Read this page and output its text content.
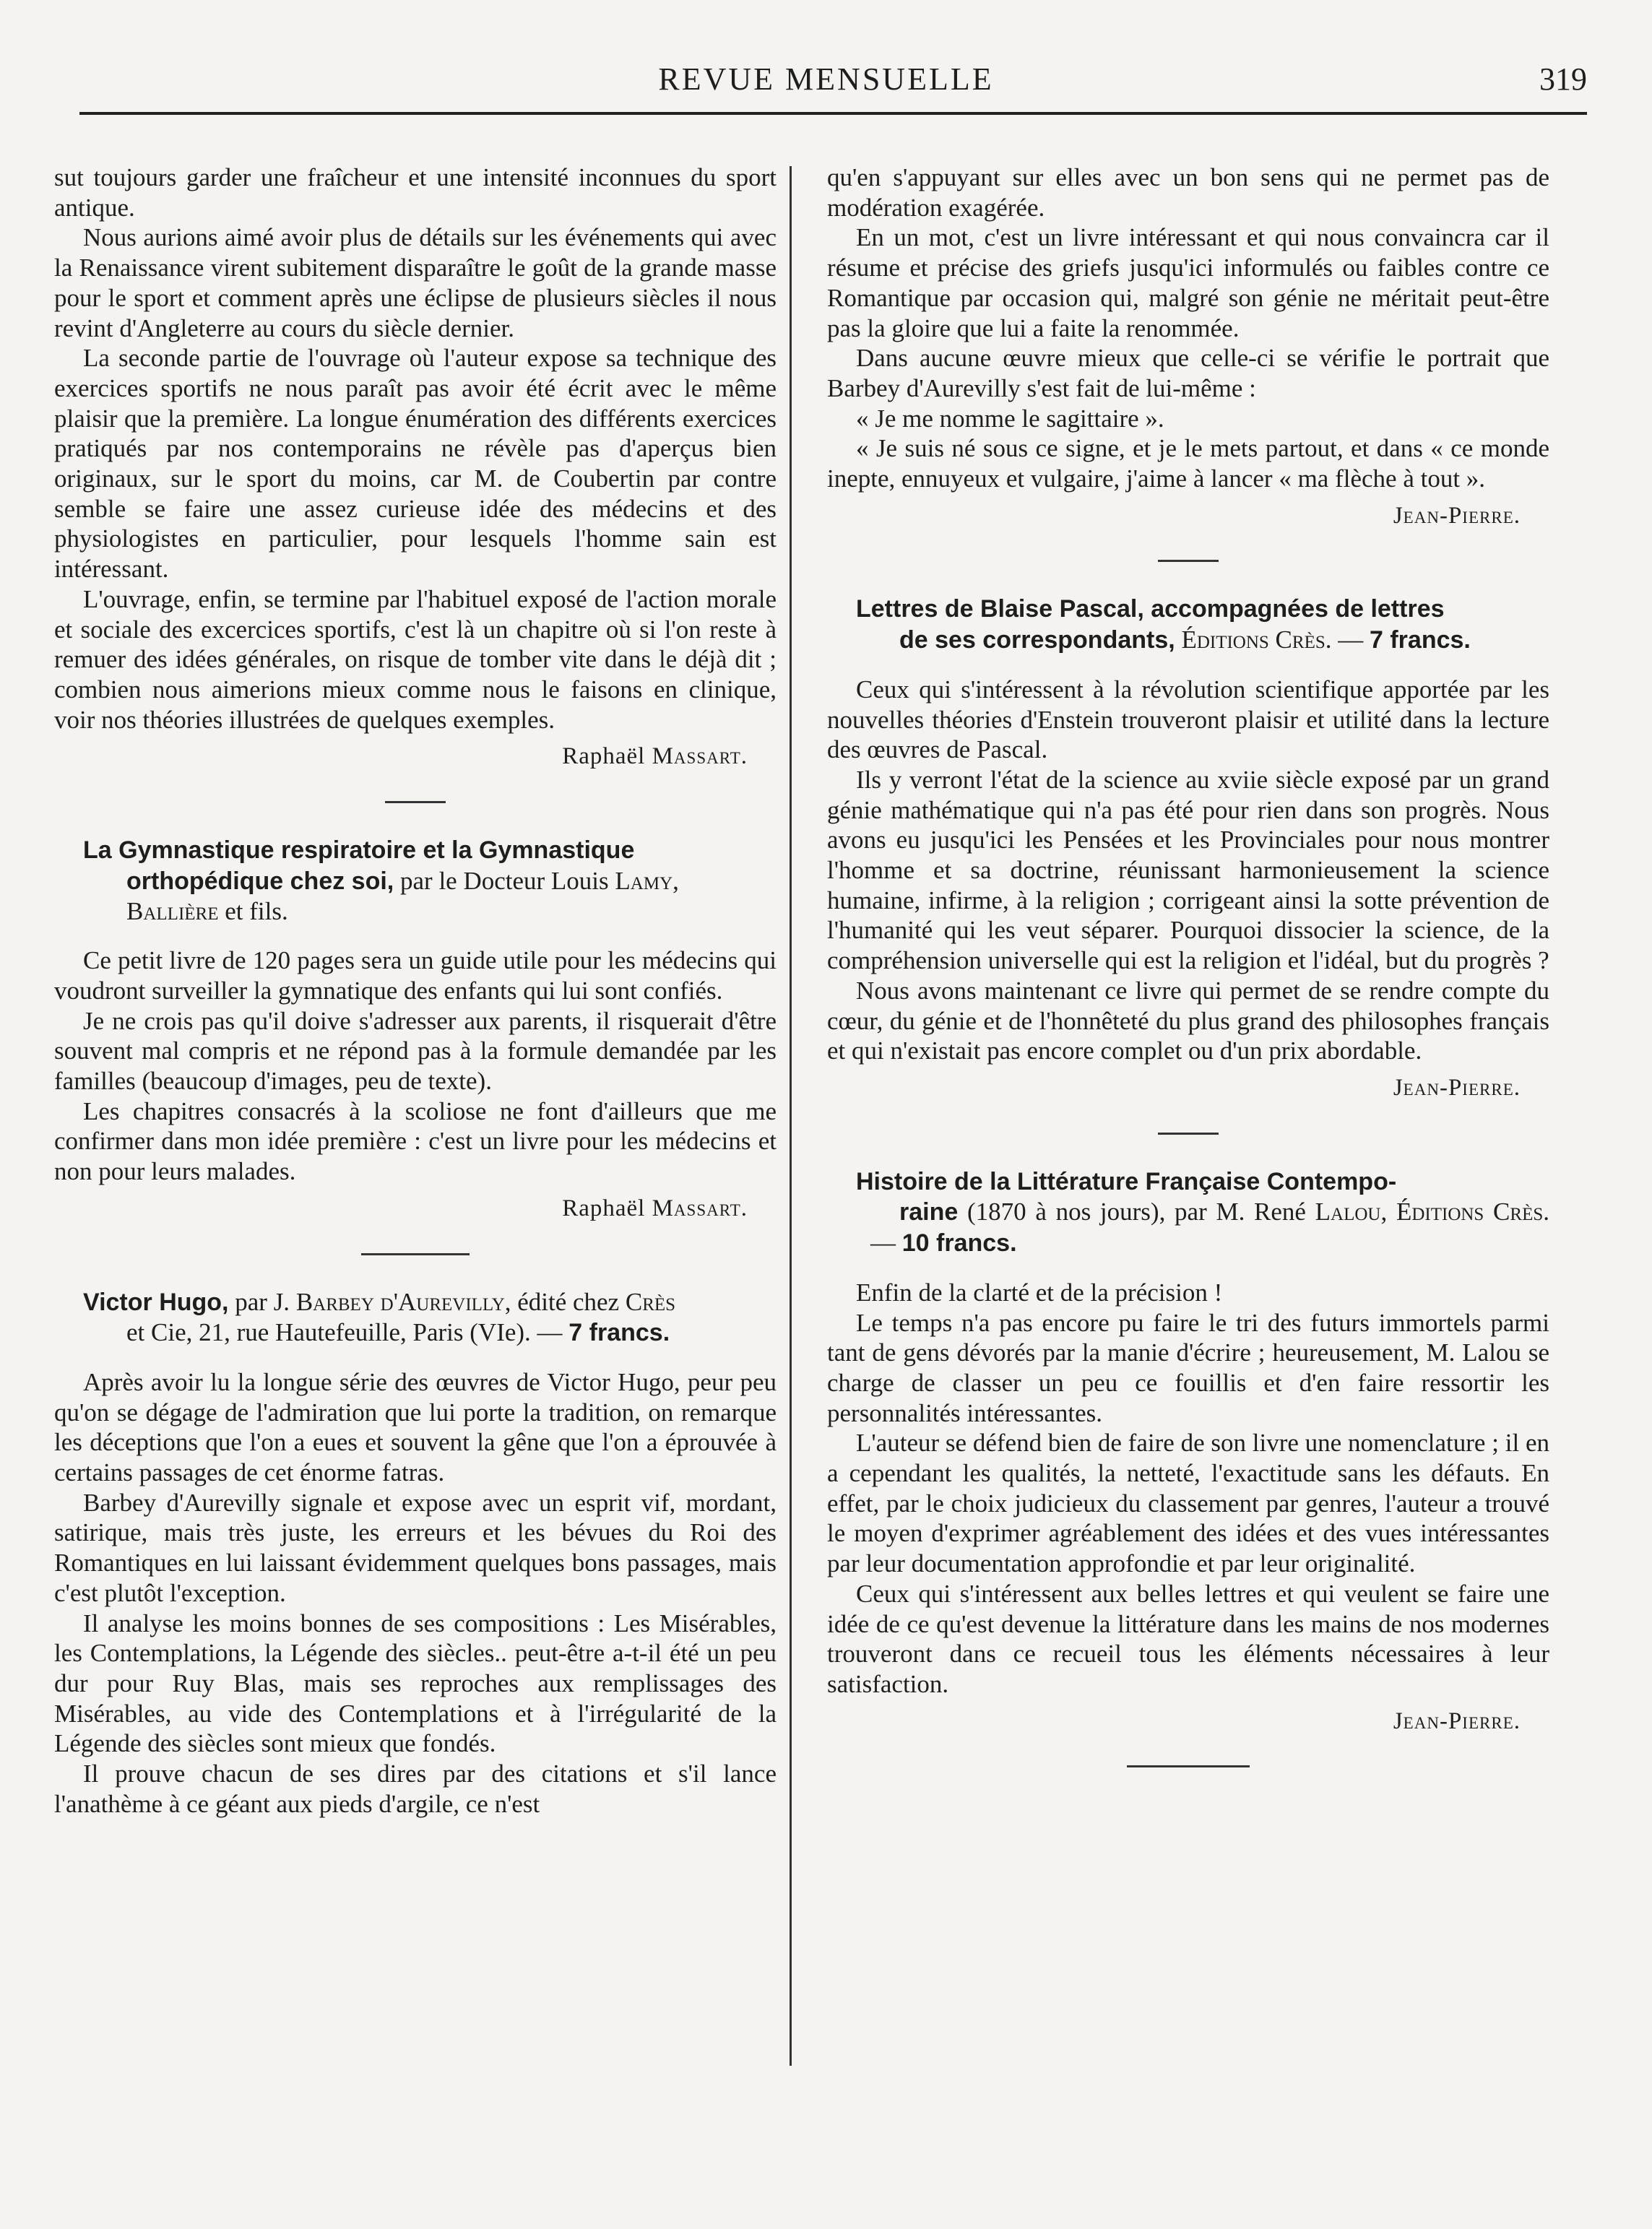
REVUE MENSUELLE	319

sut toujours garder une fraîcheur et une intensité inconnues du sport antique.

Nous aurions aimé avoir plus de détails sur les événements qui avec la Renaissance virent subitement disparaître le goût de la grande masse pour le sport et comment après une éclipse de plusieurs siècles il nous revint d'Angleterre au cours du siècle dernier.

La seconde partie de l'ouvrage où l'auteur expose sa technique des exercices sportifs ne nous paraît pas avoir été écrit avec le même plaisir que la première. La longue énumération des différents exercices pratiqués par nos contemporains ne révèle pas d'aperçus bien originaux, sur le sport du moins, car M. de Coubertin par contre semble se faire une assez curieuse idée des médecins et des physiologistes en particulier, pour lesquels l'homme sain est intéressant.

L'ouvrage, enfin, se termine par l'habituel exposé de l'action morale et sociale des excercices sportifs, c'est là un chapitre où si l'on reste à remuer des idées générales, on risque de tomber vite dans le déjà dit ; combien nous aimerions mieux comme nous le faisons en clinique, voir nos théories illustrées de quelques exemples.

Raphaël Massart.

La Gymnastique respiratoire et la Gymnastique
orthopédique chez soi, par le Docteur Louis Lamy,
Ballière et fils.

Ce petit livre de 120 pages sera un guide utile pour les médecins qui voudront surveiller la gymnatique des enfants qui lui sont confiés.

Je ne crois pas qu'il doive s'adresser aux parents, il risquerait d'être souvent mal compris et ne répond pas à la formule demandée par les familles (beaucoup d'images, peu de texte).

Les chapitres consacrés à la scoliose ne font d'ailleurs que me confirmer dans mon idée première : c'est un livre pour les médecins et non pour leurs malades.

Raphaël Massart.

Victor Hugo, par J. Barbey d'Aurevilly, édité chez Crès
et Cie, 21, rue Hautefeuille, Paris (VIe). — 7 francs.

Après avoir lu la longue série des œuvres de Victor Hugo, peur peu qu'on se dégage de l'admiration que lui porte la tradition, on remarque les déceptions que l'on a eues et souvent la gêne que l'on a éprouvée à certains passages de cet énorme fatras.

Barbey d'Aurevilly signale et expose avec un esprit vif, mordant, satirique, mais très juste, les erreurs et les bévues du Roi des Romantiques en lui laissant évidemment quelques bons passages, mais c'est plutôt l'exception.

Il analyse les moins bonnes de ses compositions : Les Misérables, les Contemplations, la Légende des siècles.. peut-être a-t-il été un peu dur pour Ruy Blas, mais ses reproches aux remplissages des Misérables, au vide des Contemplations et à l'irrégularité de la Légende des siècles sont mieux que fondés.

Il prouve chacun de ses dires par des citations et s'il lance l'anathème à ce géant aux pieds d'argile, ce n'est

qu'en s'appuyant sur elles avec un bon sens qui ne permet pas de modération exagérée.

En un mot, c'est un livre intéressant et qui nous convaincra car il résume et précise des griefs jusqu'ici informulés ou faibles contre ce Romantique par occasion qui, malgré son génie ne méritait peut-être pas la gloire que lui a faite la renommée.

Dans aucune œuvre mieux que celle-ci se vérifie le portrait que Barbey d'Aurevilly s'est fait de lui-même :

« Je me nomme le sagittaire ».

« Je suis né sous ce signe, et je le mets partout, et dans « ce monde inepte, ennuyeux et vulgaire, j'aime à lancer « ma flèche à tout ».

Jean-Pierre.

Lettres de Blaise Pascal, accompagnées de lettres
de ses correspondants, Éditions Crès. — 7 francs.

Ceux qui s'intéressent à la révolution scientifique apportée par les nouvelles théories d'Enstein trouveront plaisir et utilité dans la lecture des œuvres de Pascal.

Ils y verront l'état de la science au xviie siècle exposé par un grand génie mathématique qui n'a pas été pour rien dans son progrès. Nous avons eu jusqu'ici les Pensées et les Provinciales pour nous montrer l'homme et sa doctrine, réunissant harmonieusement la science humaine, infirme, à la religion ; corrigeant ainsi la sotte prévention de l'humanité qui les veut séparer. Pourquoi dissocier la science, de la compréhension universelle qui est la religion et l'idéal, but du progrès ?

Nous avons maintenant ce livre qui permet de se rendre compte du cœur, du génie et de l'honnêteté du plus grand des philosophes français et qui n'existait pas encore complet ou d'un prix abordable.

Jean-Pierre.

Histoire de la Littérature Française Contempo-
raine (1870 à nos jours), par M. René Lalou, Éditions Crès. — 10 francs.

Enfin de la clarté et de la précision !

Le temps n'a pas encore pu faire le tri des futurs immortels parmi tant de gens dévorés par la manie d'écrire ; heureusement, M. Lalou se charge de classer un peu ce fouillis et d'en faire ressortir les personnalités intéressantes.

L'auteur se défend bien de faire de son livre une nomenclature ; il en a cependant les qualités, la netteté, l'exactitude sans les défauts. En effet, par le choix judicieux du classement par genres, l'auteur a trouvé le moyen d'exprimer agréablement des idées et des vues intéressantes par leur documentation approfondie et par leur originalité.

Ceux qui s'intéressent aux belles lettres et qui veulent se faire une idée de ce qu'est devenue la littérature dans les mains de nos modernes trouveront dans ce recueil tous les éléments nécessaires à leur satisfaction.

Jean-Pierre.
